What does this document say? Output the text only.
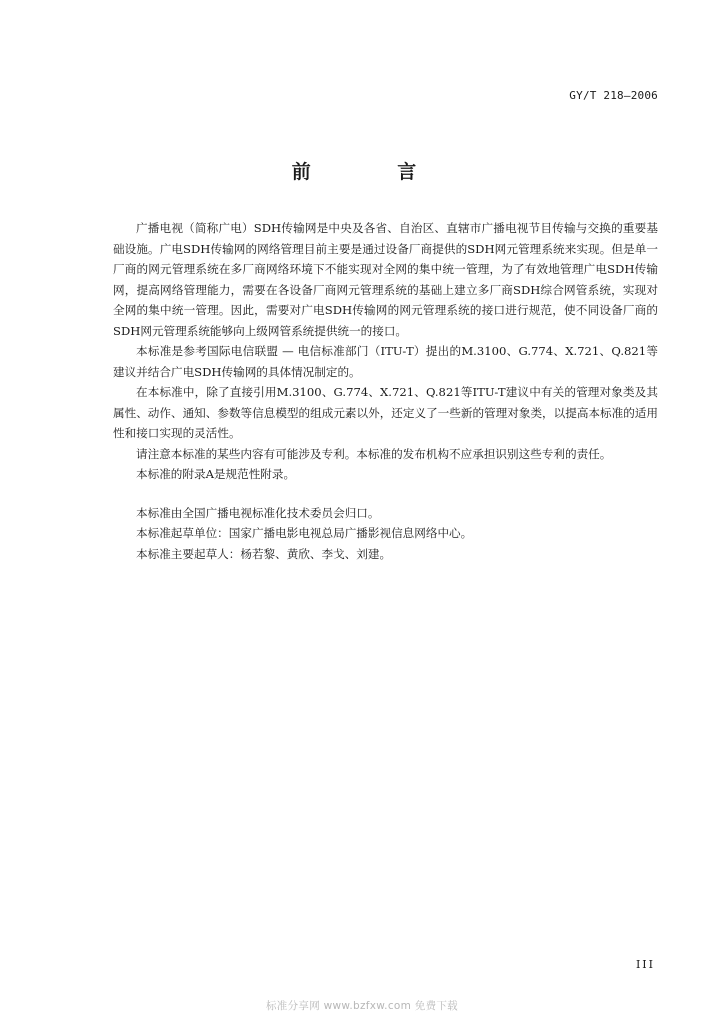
GY/T 218—2006
前 言

广播电视（简称广电）SDH传输网是中央及各省、自治区、直辖市广播电视节目传输与交换的重要基础设施。广电SDH传输网的网络管理目前主要是通过设备厂商提供的SDH网元管理系统来实现。但是单一厂商的网元管理系统在多厂商网络环境下不能实现对全网的集中统一管理，为了有效地管理广电SDH传输网，提高网络管理能力，需要在各设备厂商网元管理系统的基础上建立多厂商SDH综合网管系统，实现对全网的集中统一管理。因此，需要对广电SDH传输网的网元管理系统的接口进行规范，使不同设备厂商的SDH网元管理系统能够向上级网管系统提供统一的接口。

本标准是参考国际电信联盟 — 电信标准部门（ITU-T）提出的M.3100、G.774、X.721、Q.821等建议并结合广电SDH传输网的具体情况制定的。

在本标准中，除了直接引用M.3100、G.774、X.721、Q.821等ITU-T建议中有关的管理对象类及其属性、动作、通知、参数等信息模型的组成元素以外，还定义了一些新的管理对象类，以提高本标准的适用性和接口实现的灵活性。

请注意本标准的某些内容有可能涉及专利。本标准的发布机构不应承担识别这些专利的责任。

本标准的附录A是规范性附录。

本标准由全国广播电视标准化技术委员会归口。

本标准起草单位：国家广播电影电视总局广播影视信息网络中心。

本标准主要起草人：杨若黎、黄欣、李戈、刘建。

III
标准分享网 www.bzfxw.com 免费下载
